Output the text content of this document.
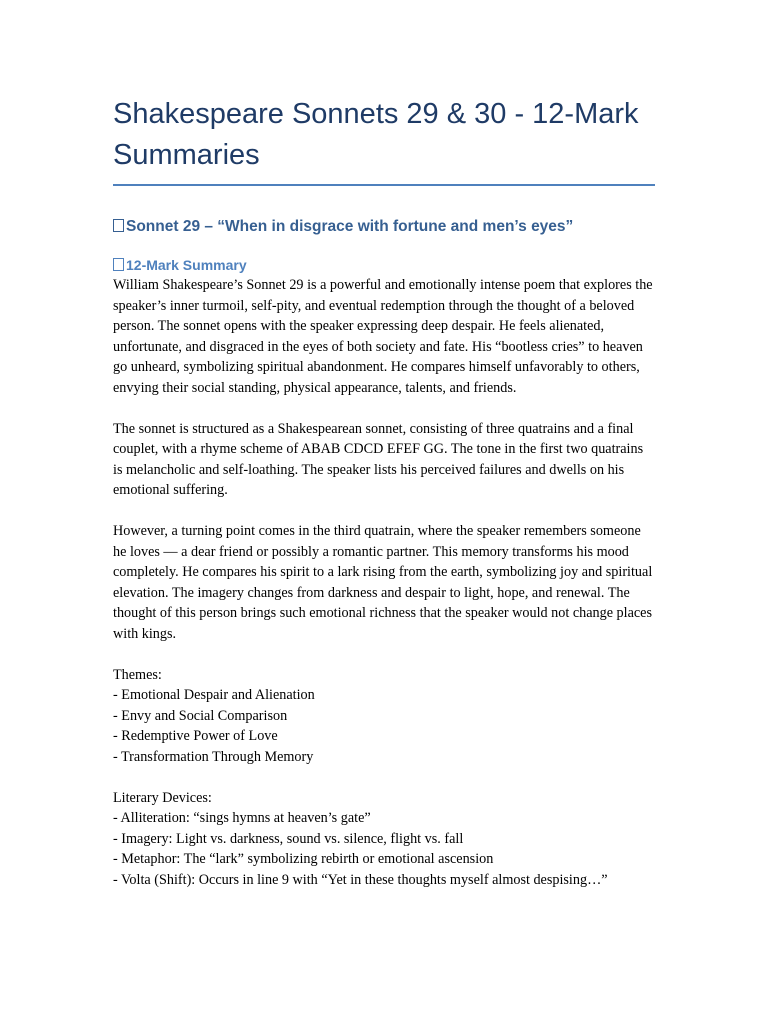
Shakespeare Sonnets 29 & 30 - 12-Mark Summaries
Sonnet 29 – “When in disgrace with fortune and men’s eyes”
12-Mark Summary

William Shakespeare’s Sonnet 29 is a powerful and emotionally intense poem that explores the speaker’s inner turmoil, self-pity, and eventual redemption through the thought of a beloved person. The sonnet opens with the speaker expressing deep despair. He feels alienated, unfortunate, and disgraced in the eyes of both society and fate. His “bootless cries” to heaven go unheard, symbolizing spiritual abandonment. He compares himself unfavorably to others, envying their social standing, physical appearance, talents, and friends.

The sonnet is structured as a Shakespearean sonnet, consisting of three quatrains and a final couplet, with a rhyme scheme of ABAB CDCD EFEF GG. The tone in the first two quatrains is melancholic and self-loathing. The speaker lists his perceived failures and dwells on his emotional suffering.

However, a turning point comes in the third quatrain, where the speaker remembers someone he loves — a dear friend or possibly a romantic partner. This memory transforms his mood completely. He compares his spirit to a lark rising from the earth, symbolizing joy and spiritual elevation. The imagery changes from darkness and despair to light, hope, and renewal. The thought of this person brings such emotional richness that the speaker would not change places with kings.

Themes:

- Emotional Despair and Alienation

- Envy and Social Comparison

- Redemptive Power of Love

- Transformation Through Memory

Literary Devices:

- Alliteration: “sings hymns at heaven’s gate”

- Imagery: Light vs. darkness, sound vs. silence, flight vs. fall

- Metaphor: The “lark” symbolizing rebirth or emotional ascension

- Volta (Shift): Occurs in line 9 with “Yet in these thoughts myself almost despising…”
